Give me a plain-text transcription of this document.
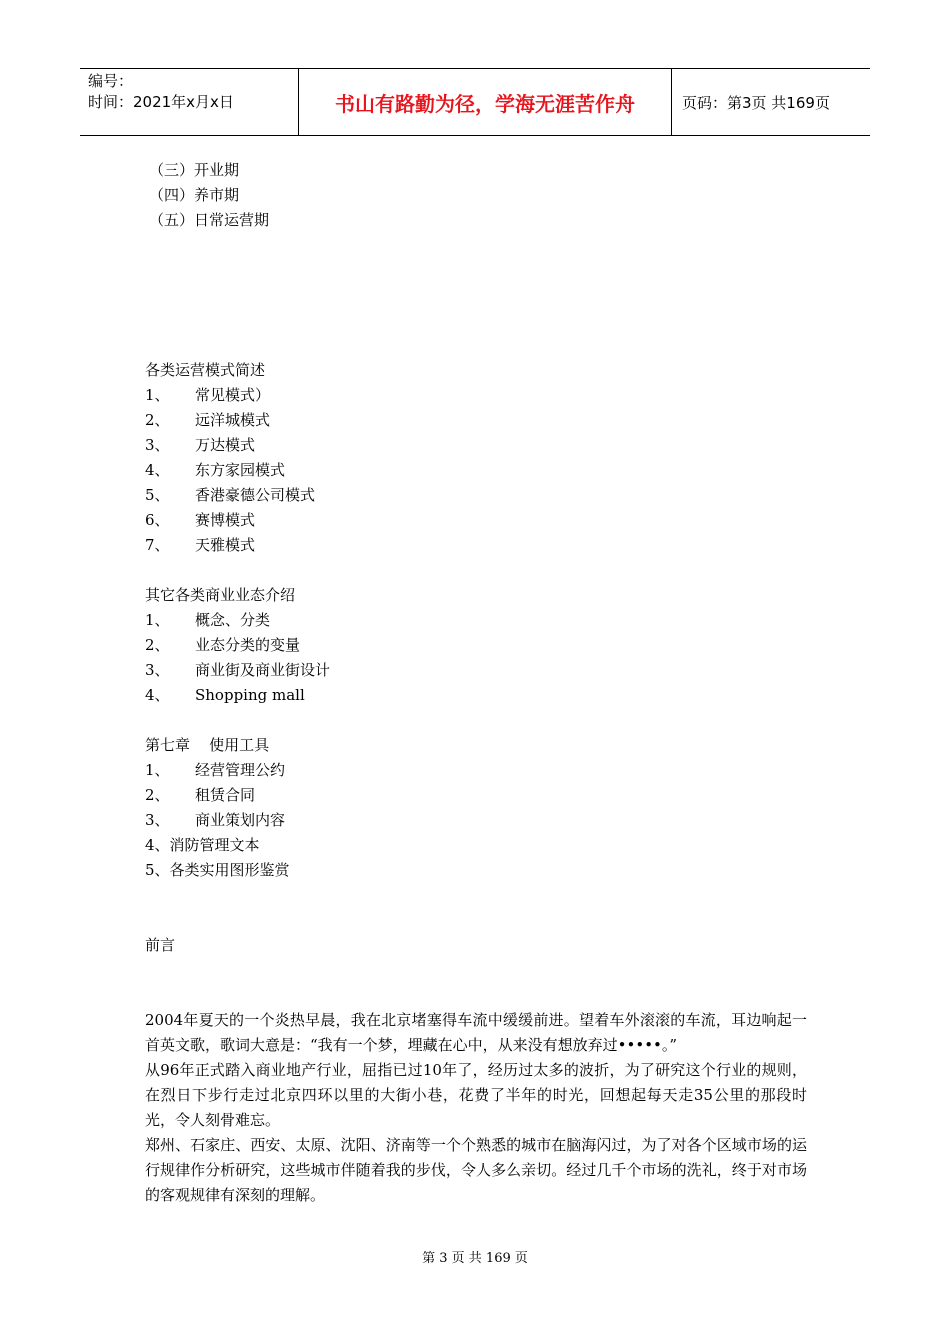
编号：
时间：2021年x月x日	书山有路勤为径，学海无涯苦作舟	页码：第3页 共169页
（三）开业期
（四）养市期
（五）日常运营期
各类运营模式简述
1、 常见模式）
2、 远洋城模式
3、 万达模式
4、 东方家园模式
5、 香港豪德公司模式
6、 赛博模式
7、 天雅模式
其它各类商业业态介绍
1、 概念、分类
2、 业态分类的变量
3、 商业街及商业街设计
4、 Shopping mall
第七章    使用工具
1、 经营管理公约
2、 租赁合同
3、 商业策划内容
4、消防管理文本
5、各类实用图形鉴赏
前言
2004年夏天的一个炎热早晨，我在北京堵塞得车流中缓缓前进。望着车外滚滚的车流，耳边响起一首英文歌，歌词大意是：“我有一个梦，埋藏在心中，从来没有想放弃过•••••。”
从96年正式踏入商业地产行业，屈指已过10年了，经历过太多的波折，为了研究这个行业的规则，在烈日下步行走过北京四环以里的大街小巷，花费了半年的时光，回想起每天走35公里的那段时光，令人刻骨难忘。
郑州、石家庄、西安、太原、沈阳、济南等一个个熟悉的城市在脑海闪过，为了对各个区域市场的运行规律作分析研究，这些城市伴随着我的步伐，令人多么亲切。经过几千个市场的洗礼，终于对市场的客观规律有深刻的理解。
第 3 页 共 169 页
